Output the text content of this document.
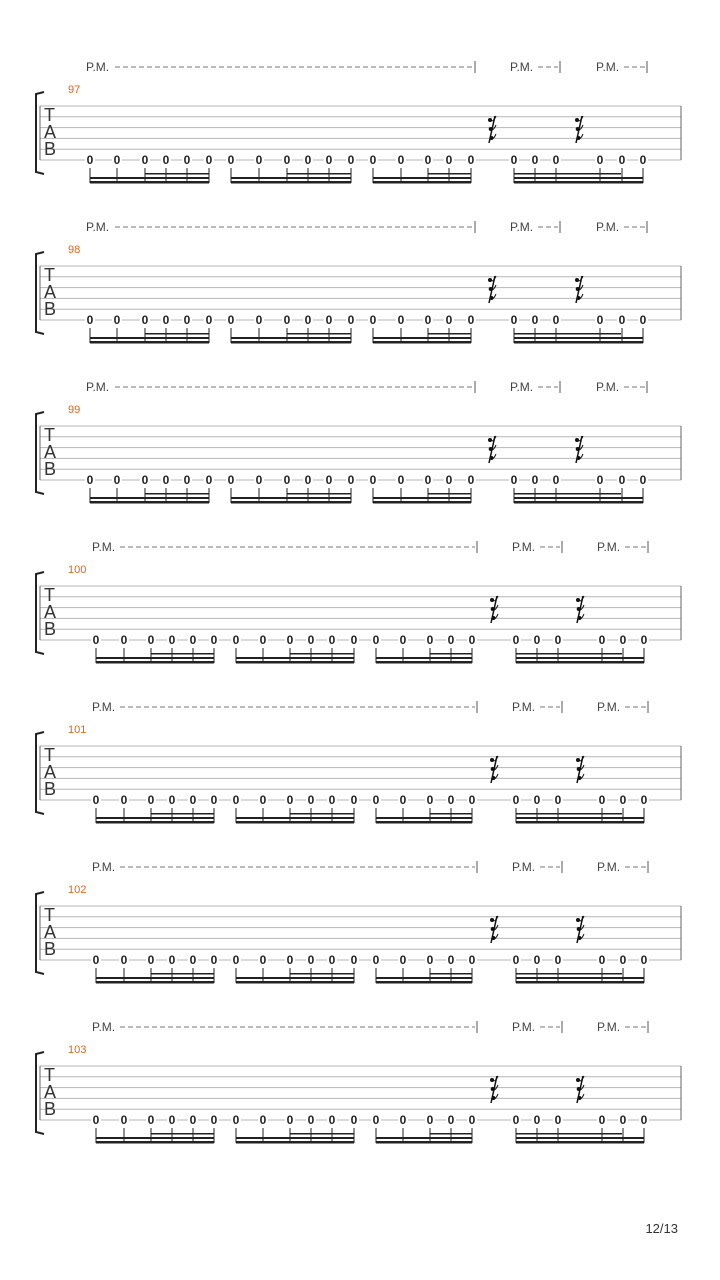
P.M.	P.M.	P.M.
97
T
A
B
0 0 0 0 0 0 0 0 0 0 0 0 0 0 0 0 0	0 0 0	0 0 0
P.M.	P.M.	P.M.
98
T
A
B
0 0 0 0 0 0 0 0 0 0 0 0 0 0 0 0 0	0 0 0	0 0 0
P.M.	P.M.	P.M.
99
T
A
B
0 0 0 0 0 0 0 0 0 0 0 0 0 0 0 0 0	0 0 0	0 0 0
P.M.	P.M.	P.M.
100
T
A
B
0 0 0 0 0 0 0 0 0 0 0 0 0 0 0 0 0	0 0 0	0 0 0
P.M.	P.M.	P.M.
101
T
A
B
0 0 0 0 0 0 0 0 0 0 0 0 0 0 0 0 0	0 0 0	0 0 0
P.M.	P.M.	P.M.
102
T
A
B
0 0 0 0 0 0 0 0 0 0 0 0 0 0 0 0 0	0 0 0	0 0 0
P.M.	P.M.	P.M.
103
T
A
B
0 0 0 0 0 0 0 0 0 0 0 0 0 0 0 0 0	0 0 0	0 0 0
12/13
